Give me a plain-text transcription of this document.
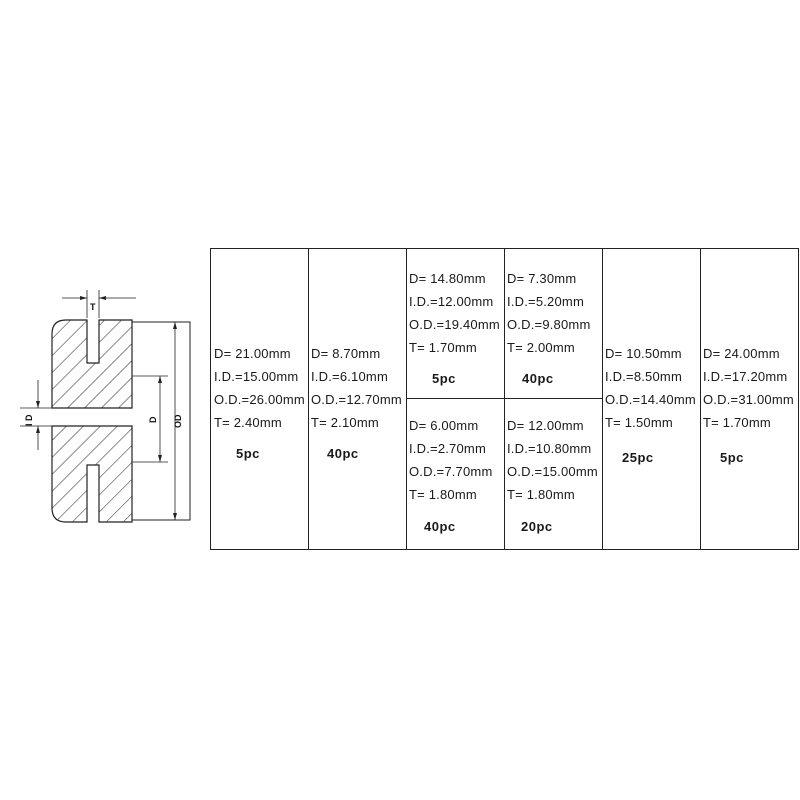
T
I D	D OD
D= 21.00mm
I.D.=15.00mm
O.D.=26.00mm
T= 2.40mm
5pc
D= 8.70mm
I.D.=6.10mm
O.D.=12.70mm
T= 2.10mm
40pc
D= 14.80mm
I.D.=12.00mm
O.D.=19.40mm
T= 1.70mm
5pc
D= 7.30mm
I.D.=5.20mm
O.D.=9.80mm
T= 2.00mm
40pc
D= 6.00mm
I.D.=2.70mm
O.D.=7.70mm
T= 1.80mm
40pc
D= 12.00mm
I.D.=10.80mm
O.D.=15.00mm
T= 1.80mm
20pc
D= 10.50mm
I.D.=8.50mm
O.D.=14.40mm
T= 1.50mm
25pc
D= 24.00mm
I.D.=17.20mm
O.D.=31.00mm
T= 1.70mm
5pc
